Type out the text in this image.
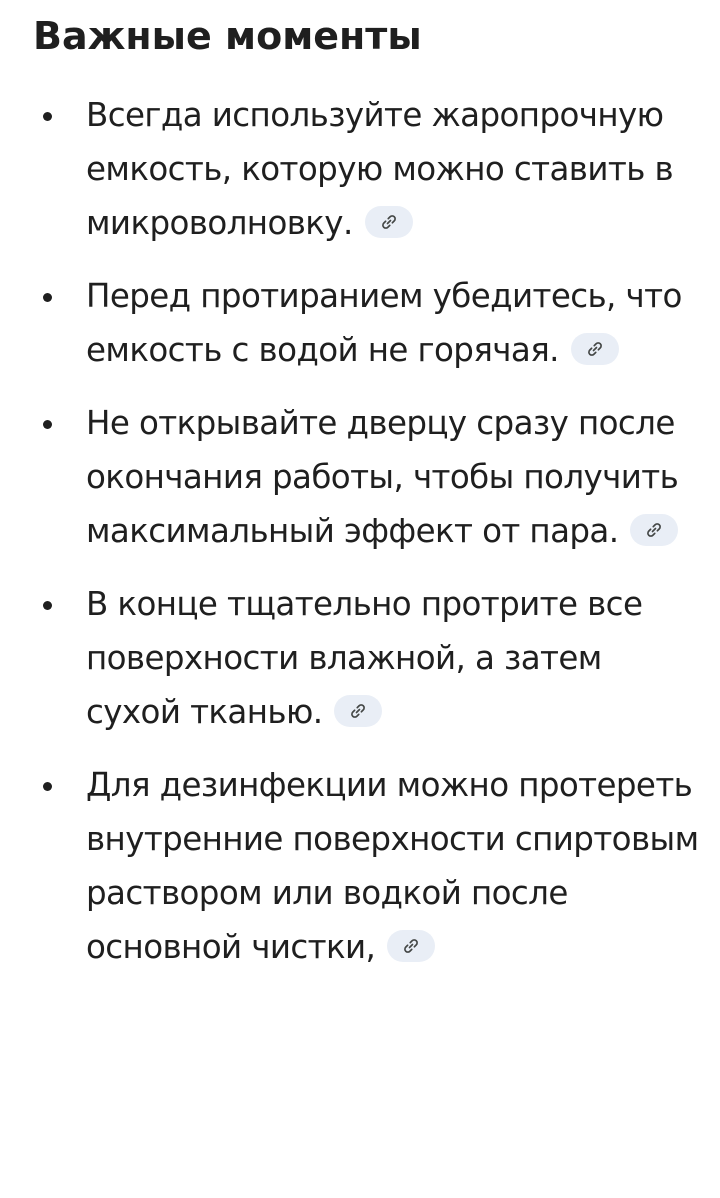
Важные моменты
Всегда используйте жаропрочную емкость, которую можно ставить в микроволновку.
Перед протиранием убедитесь, что емкость с водой не горячая.
Не открывайте дверцу сразу после окончания работы, чтобы получить максимальный эффект от пара.
В конце тщательно протрите все поверхности влажной, а затем сухой тканью.
Для дезинфекции можно протереть внутренние поверхности спиртовым раствором или водкой после основной чистки,
